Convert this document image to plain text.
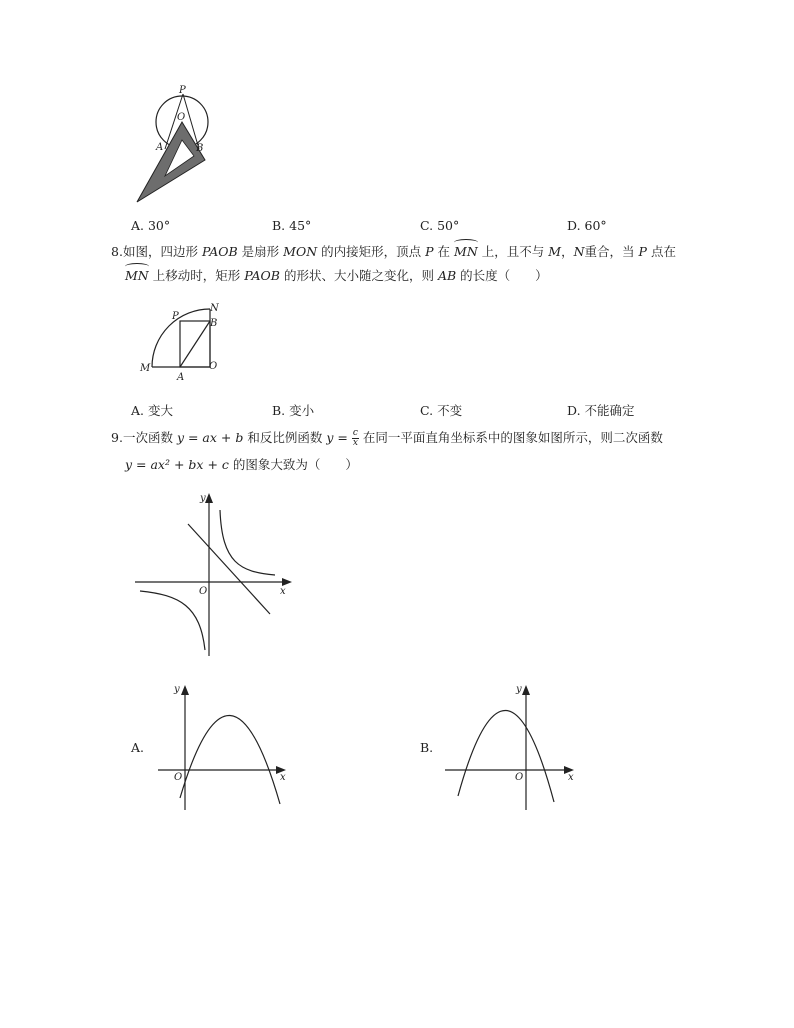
P
O
A	B
A. 30°	B. 45°	C. 50°	D. 60°
8.如图，四边形 PAOB 是扇形 MON 的内接矩形，顶点 P 在 MN 上，且不与 M，N重合，当 P 点在
MN 上移动时，矩形 PAOB 的形状、大小随之变化，则 AB 的长度（　　）
P
N
B
M
A
O
A. 变大	B. 变小	C. 不变	D. 不能确定
9.一次函数 y = ax + b 和反比例函数 $y = \frac{c}{x}$ 在同一平面直角坐标系中的图象如图所示，则二次函数
y = ax² + bx + c 的图象大致为（　　）
y
x
O
A.
y
x
O
B.
y
x
O
